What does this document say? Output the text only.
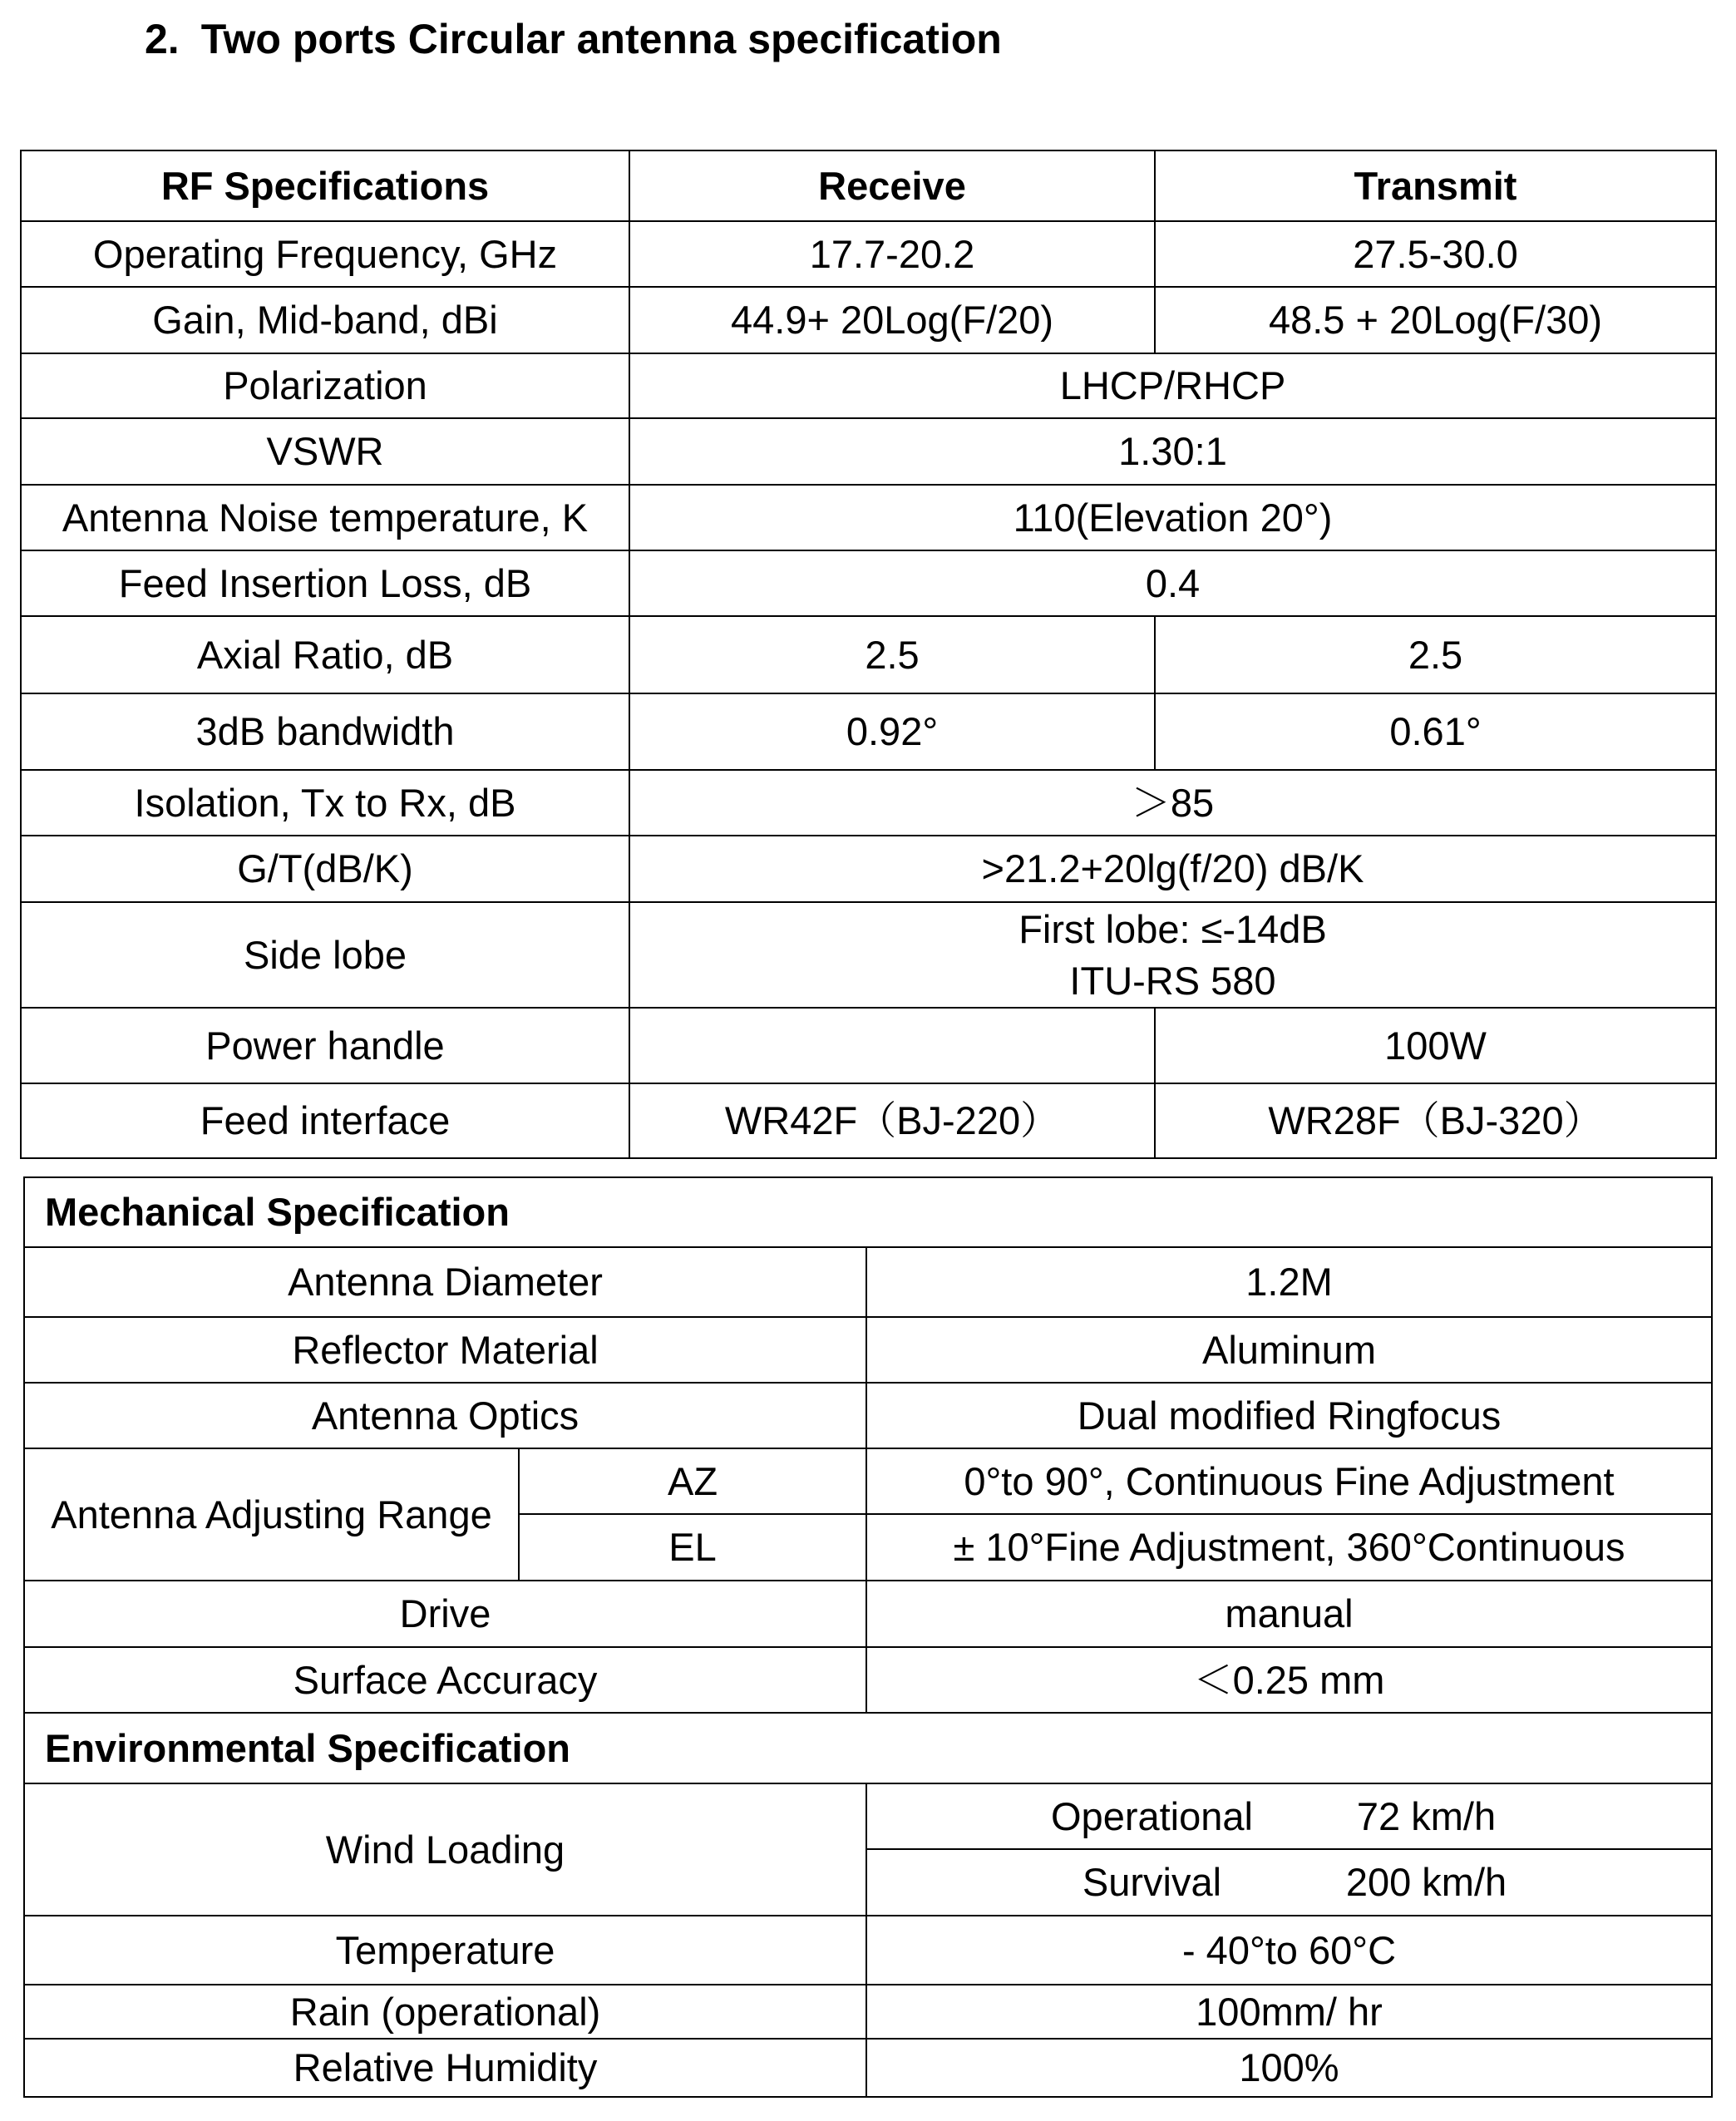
2. Two ports Circular antenna specification
RF Specifications	Receive	Transmit
Operating Frequency, GHz	17.7-20.2	27.5-30.0
Gain, Mid-band, dBi	44.9+ 20Log(F/20)	48.5 + 20Log(F/30)
Polarization	LHCP/RHCP	
VSWR	1.30:1	
Antenna Noise temperature, K	110(Elevation 20°)	
Feed Insertion Loss, dB	0.4	
Axial Ratio, dB	2.5	2.5
3dB bandwidth	0.92°	0.61°
Isolation, Tx to Rx, dB	＞85	
G/T(dB/K)	>21.2+20lg(f/20) dB/K	
Side lobe	First lobe: ≤-14dB
ITU-RS 580	

Power handle		100W
Feed interface	WR42F（BJ-220）	WR28F（BJ-320）
Mechanical Specification		
Antenna Diameter		1.2M
Reflector Material		Aluminum
Antenna Optics		Dual modified Ringfocus
Antenna Adjusting Range	AZ	0°to 90°, Continuous Fine Adjustment
	EL	± 10°Fine Adjustment, 360°Continuous
Drive		manual
Surface Accuracy		＜0.25 mm
Environmental Specification		
Wind Loading		Operational 72 km/h
		Survival 200 km/h
Temperature		- 40°to 60°C
Rain (operational)		100mm/ hr
Relative Humidity		100%
